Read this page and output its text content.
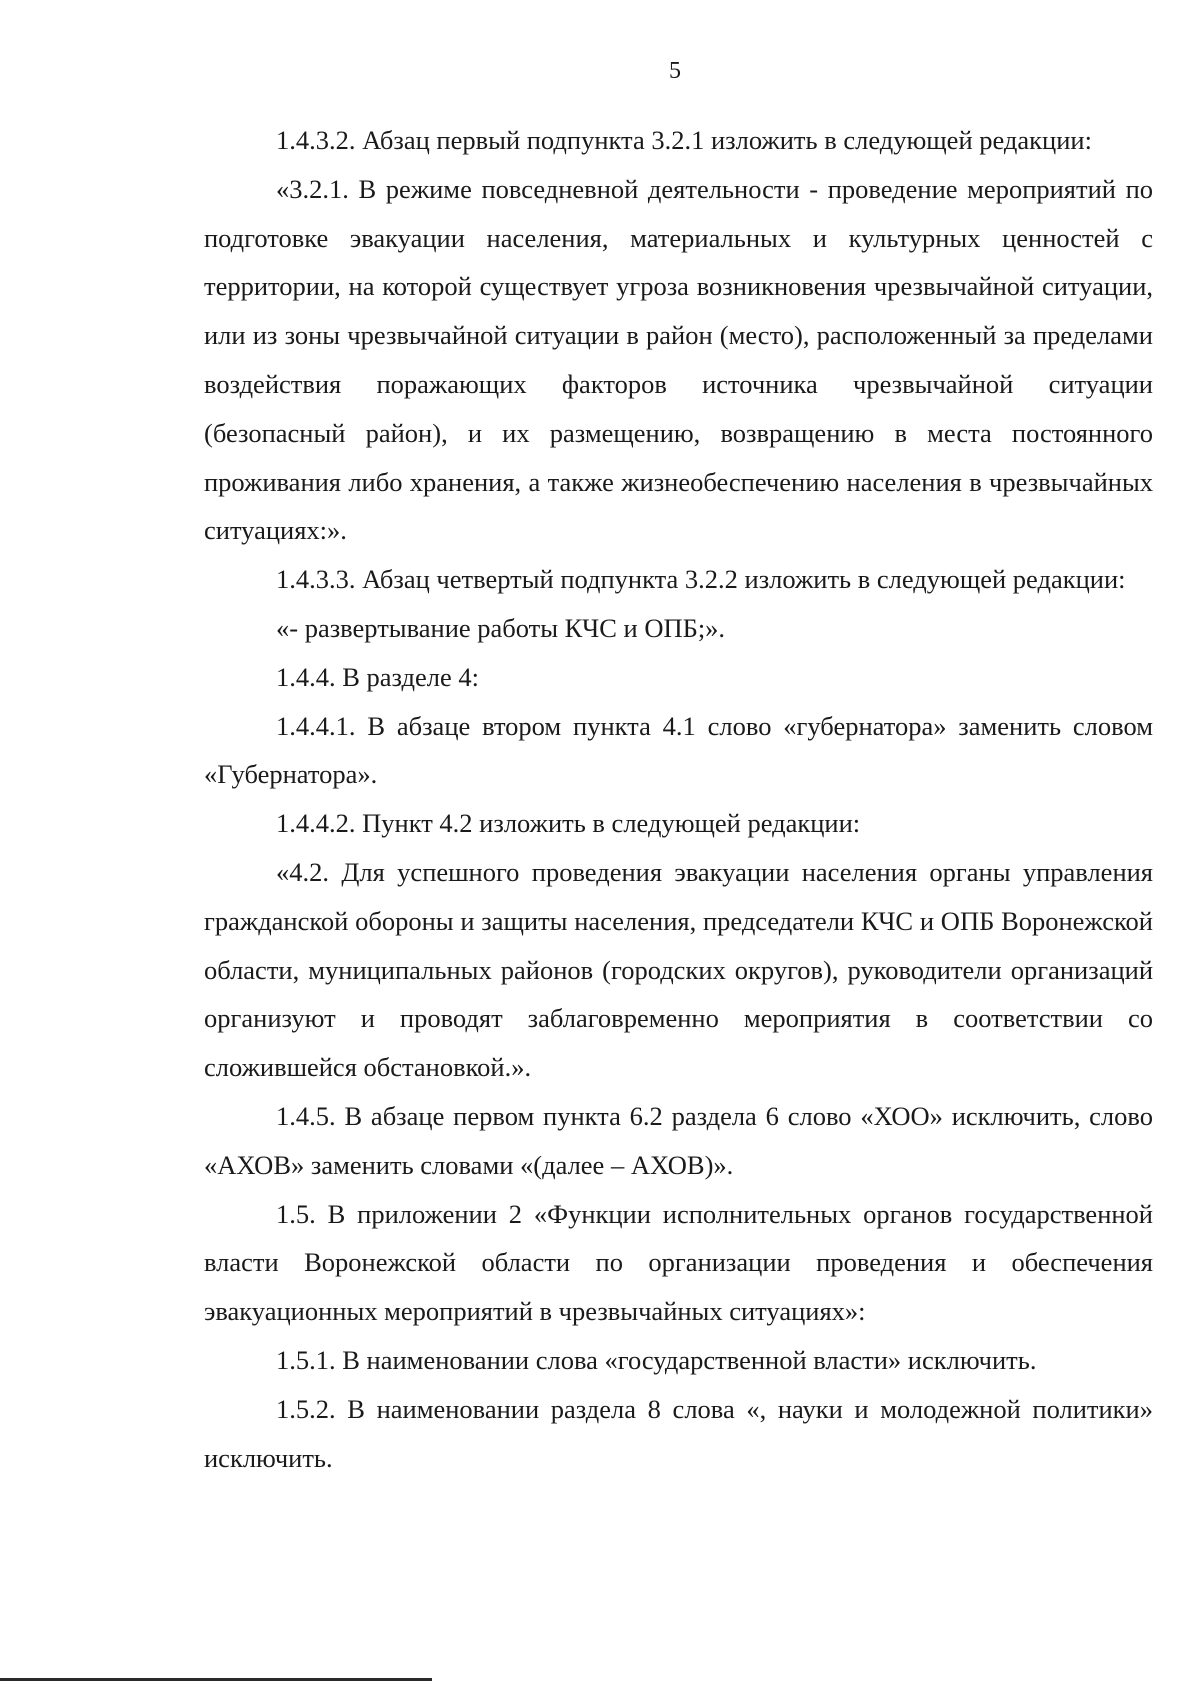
5

1.4.3.2. Абзац первый подпункта 3.2.1 изложить в следующей редакции:

«3.2.1. В режиме повседневной деятельности - проведение мероприятий по подготовке эвакуации населения, материальных и культурных ценностей с территории, на которой существует угроза возникновения чрезвычайной ситуации, или из зоны чрезвычайной ситуации в район (место), расположенный за пределами воздействия поражающих факторов источника чрезвычайной ситуации (безопасный район), и их размещению, возвращению в места постоянного проживания либо хранения, а также жизнеобеспечению населения в чрезвычайных ситуациях:».

1.4.3.3. Абзац четвертый подпункта 3.2.2 изложить в следующей редакции:

«- развертывание работы КЧС и ОПБ;».

1.4.4. В разделе 4:

1.4.4.1. В абзаце втором пункта 4.1 слово «губернатора» заменить словом «Губернатора».

1.4.4.2. Пункт 4.2 изложить в следующей редакции:

«4.2. Для успешного проведения эвакуации населения органы управления гражданской обороны и защиты населения, председатели КЧС и ОПБ Воронежской области, муниципальных районов (городских округов), руководители организаций организуют и проводят заблаговременно мероприятия в соответствии со сложившейся обстановкой.».

1.4.5. В абзаце первом пункта 6.2 раздела 6 слово «ХОО» исключить, слово «АХОВ» заменить словами «(далее – АХОВ)».

1.5. В приложении 2 «Функции исполнительных органов государственной власти Воронежской области по организации проведения и обеспечения эвакуационных мероприятий в чрезвычайных ситуациях»:

1.5.1. В наименовании слова «государственной власти» исключить.

1.5.2. В наименовании раздела 8 слова «, науки и молодежной политики» исключить.
